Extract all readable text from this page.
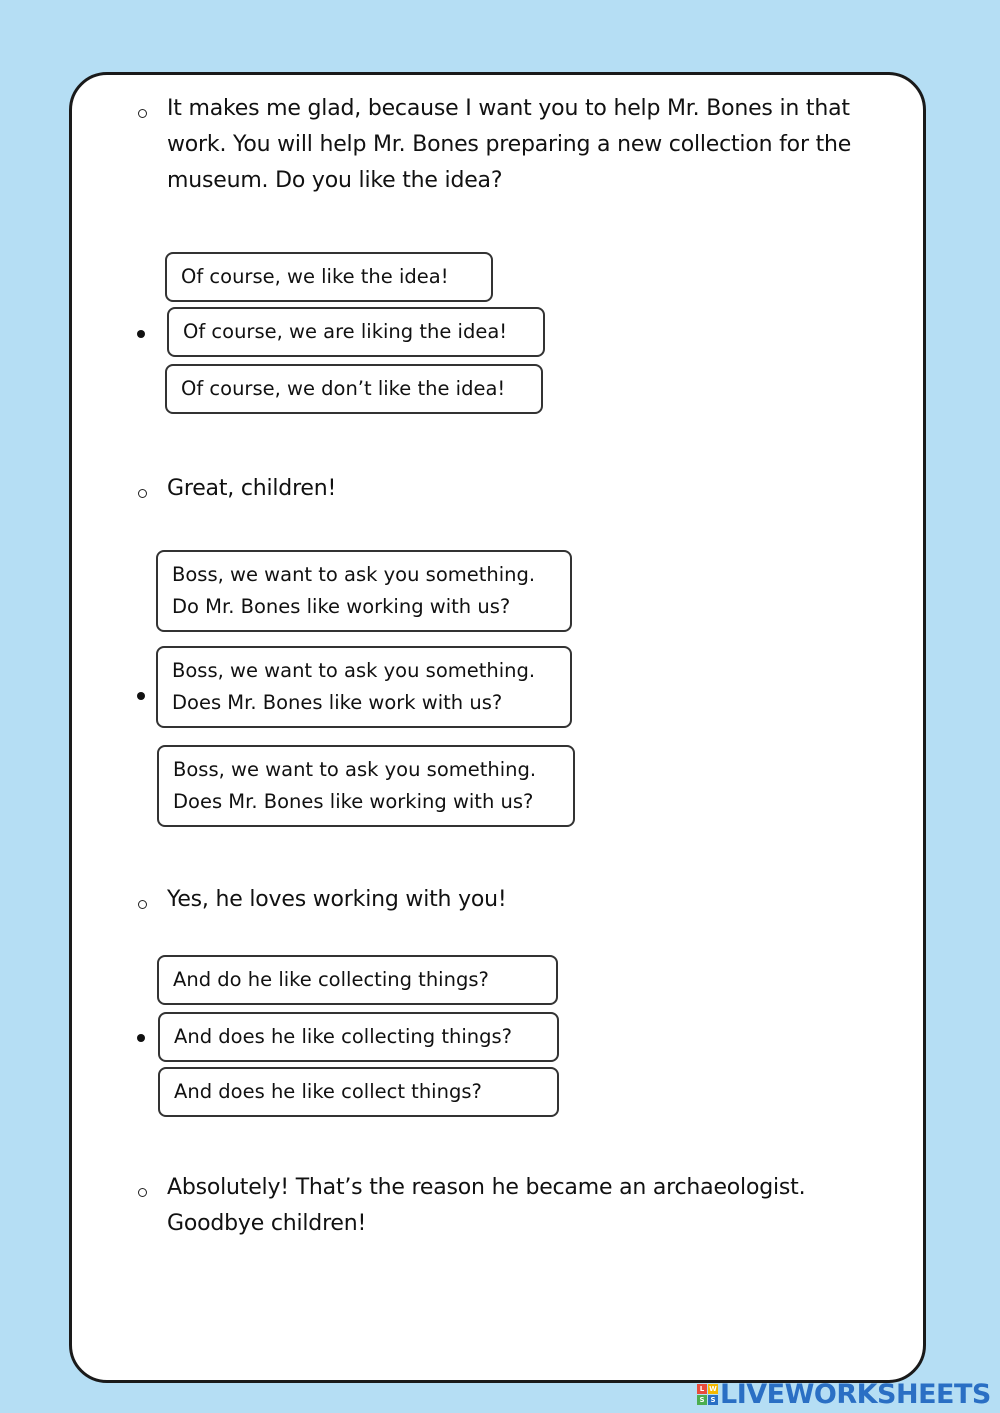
It makes me glad, because I want you to help Mr. Bones in that
work. You will help Mr. Bones preparing a new collection for the
museum. Do you like the idea?
Of course, we like the idea!
Of course, we are liking the idea!
Of course, we don’t like the idea!
Great, children!
Boss, we want to ask you something.
Do Mr. Bones like working with us?
Boss, we want to ask you something.
Does Mr. Bones like work with us?
Boss, we want to ask you something.
Does Mr. Bones like working with us?
Yes, he loves working with you!
And do he like collecting things?
And does he like collecting things?
And does he like collect things?
Absolutely! That’s the reason he became an archaeologist.
Goodbye children!
L W
S S LIVEWORKSHEETS
